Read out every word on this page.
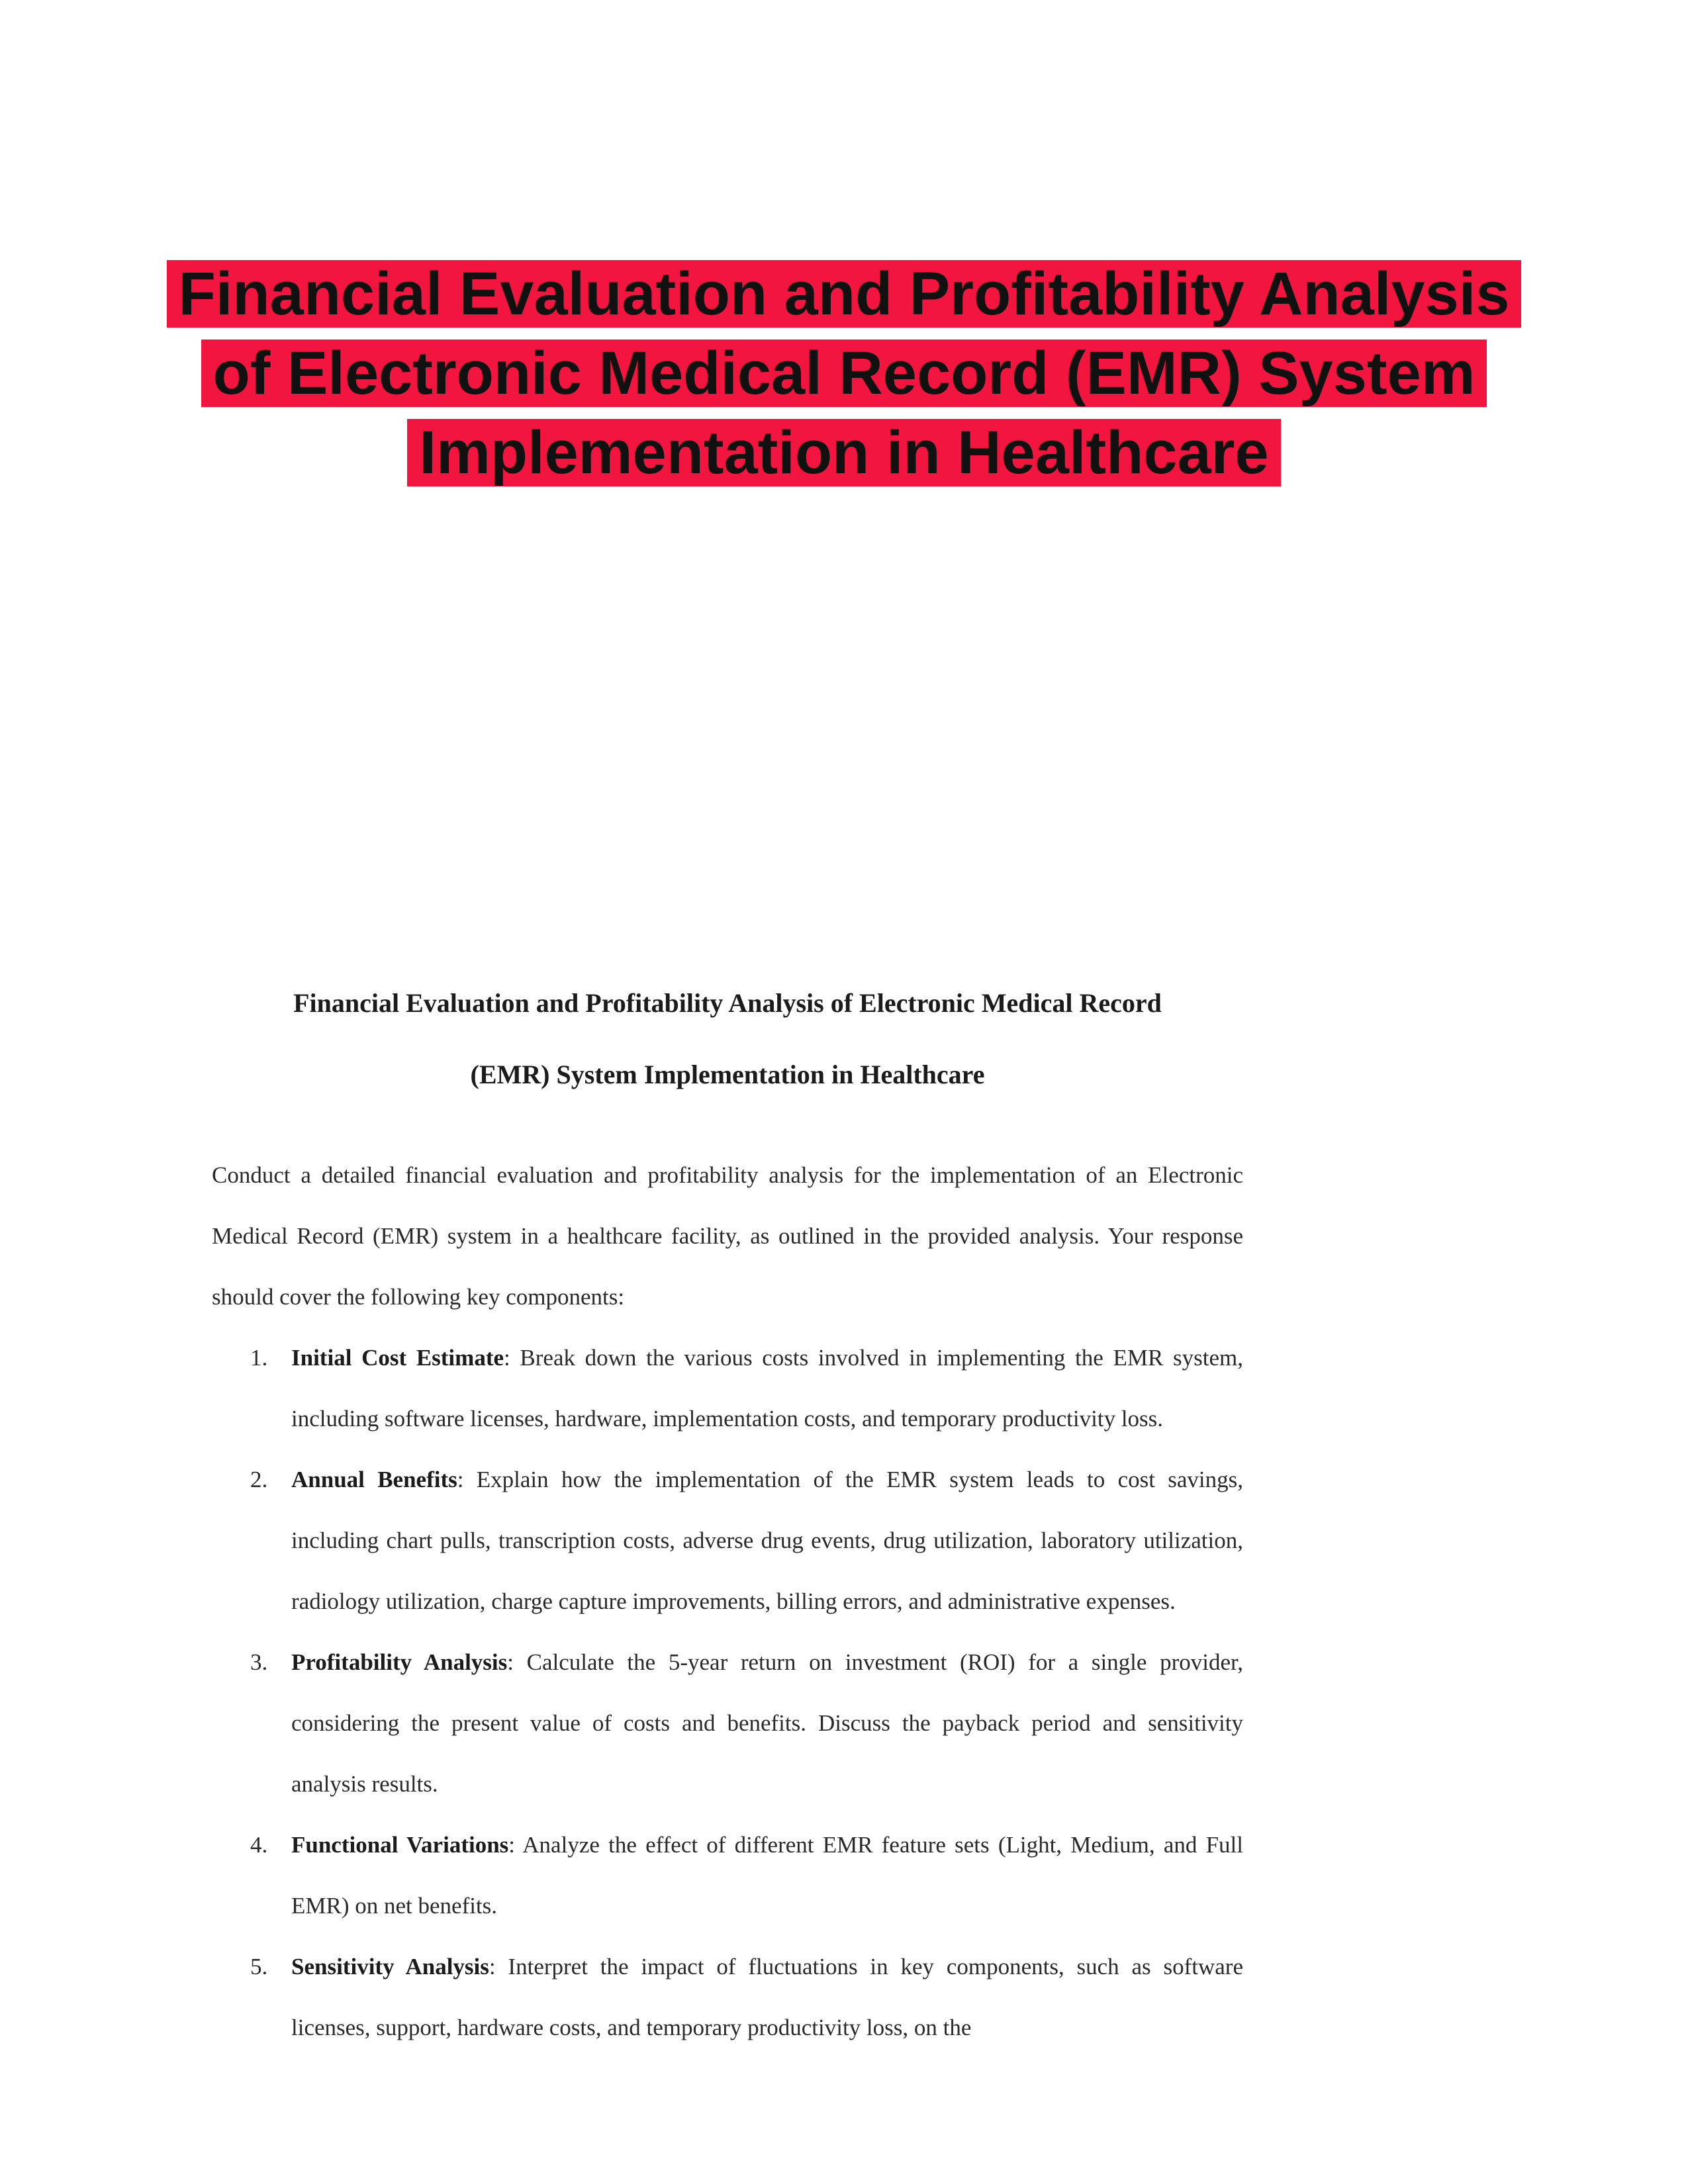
Financial Evaluation and Profitability Analysis
of Electronic Medical Record (EMR) System
Implementation in Healthcare

Financial Evaluation and Profitability Analysis of Electronic Medical Record
(EMR) System Implementation in Healthcare

Conduct a detailed financial evaluation and profitability analysis for the implementation of an Electronic Medical Record (EMR) system in a healthcare facility, as outlined in the provided analysis. Your response should cover the following key components:

1. Initial Cost Estimate: Break down the various costs involved in implementing the EMR system, including software licenses, hardware, implementation costs, and temporary productivity loss.
2. Annual Benefits: Explain how the implementation of the EMR system leads to cost savings, including chart pulls, transcription costs, adverse drug events, drug utilization, laboratory utilization, radiology utilization, charge capture improvements, billing errors, and administrative expenses.
3. Profitability Analysis: Calculate the 5-year return on investment (ROI) for a single provider, considering the present value of costs and benefits. Discuss the payback period and sensitivity analysis results.
4. Functional Variations: Analyze the effect of different EMR feature sets (Light, Medium, and Full EMR) on net benefits.
5. Sensitivity Analysis: Interpret the impact of fluctuations in key components, such as software licenses, support, hardware costs, and temporary productivity loss, on the
